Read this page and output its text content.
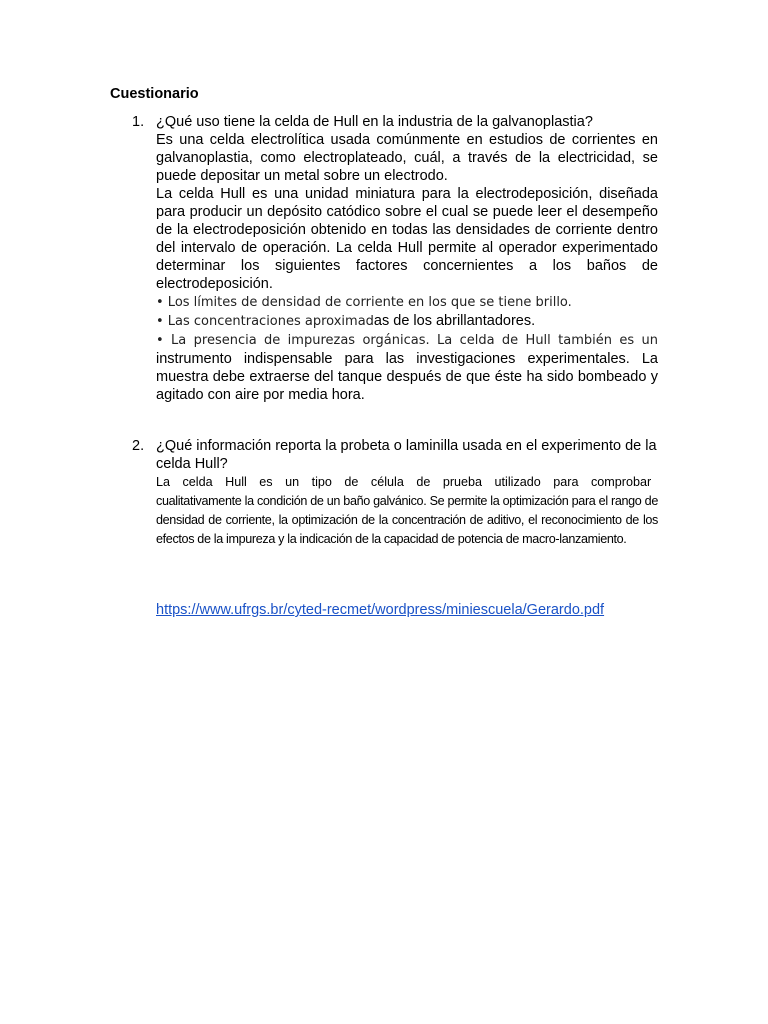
Cuestionario
1. ¿Qué uso tiene la celda de Hull en la industria de la galvanoplastia?

Es una celda electrolítica usada comúnmente en estudios de corrientes en galvanoplastia, como electroplateado, cuál, a través de la electricidad, se puede depositar un metal sobre un electrodo.

La celda Hull es una unidad miniatura para la electrodeposición, diseñada para producir un depósito catódico sobre el cual se puede leer el desempeño de la electrodeposición obtenido en todas las densidades de corriente dentro del intervalo de operación. La celda Hull permite al operador experimentado determinar los siguientes factores concernientes a los baños de electrodeposición.

• Los límites de densidad de corriente en los que se tiene brillo.

• Las concentraciones aproximadas de los abrillantadores.

• La presencia de impurezas orgánicas. La celda de Hull también es un instrumento indispensable para las investigaciones experimentales. La muestra debe extraerse del tanque después de que éste ha sido bombeado y agitado con aire por media hora.

2. ¿Qué información reporta la probeta o laminilla usada en el experimento de la celda Hull?

La celda Hull es un tipo de célula de prueba utilizado para comprobar

cualitativamente la condición de un baño galvánico. Se permite la optimización para el rango de densidad de corriente, la optimización de la concentración de aditivo, el reconocimiento de los efectos de la impureza y la indicación de la capacidad de potencia de macro-lanzamiento.

https://www.ufrgs.br/cyted-recmet/wordpress/miniescuela/Gerardo.pdf
